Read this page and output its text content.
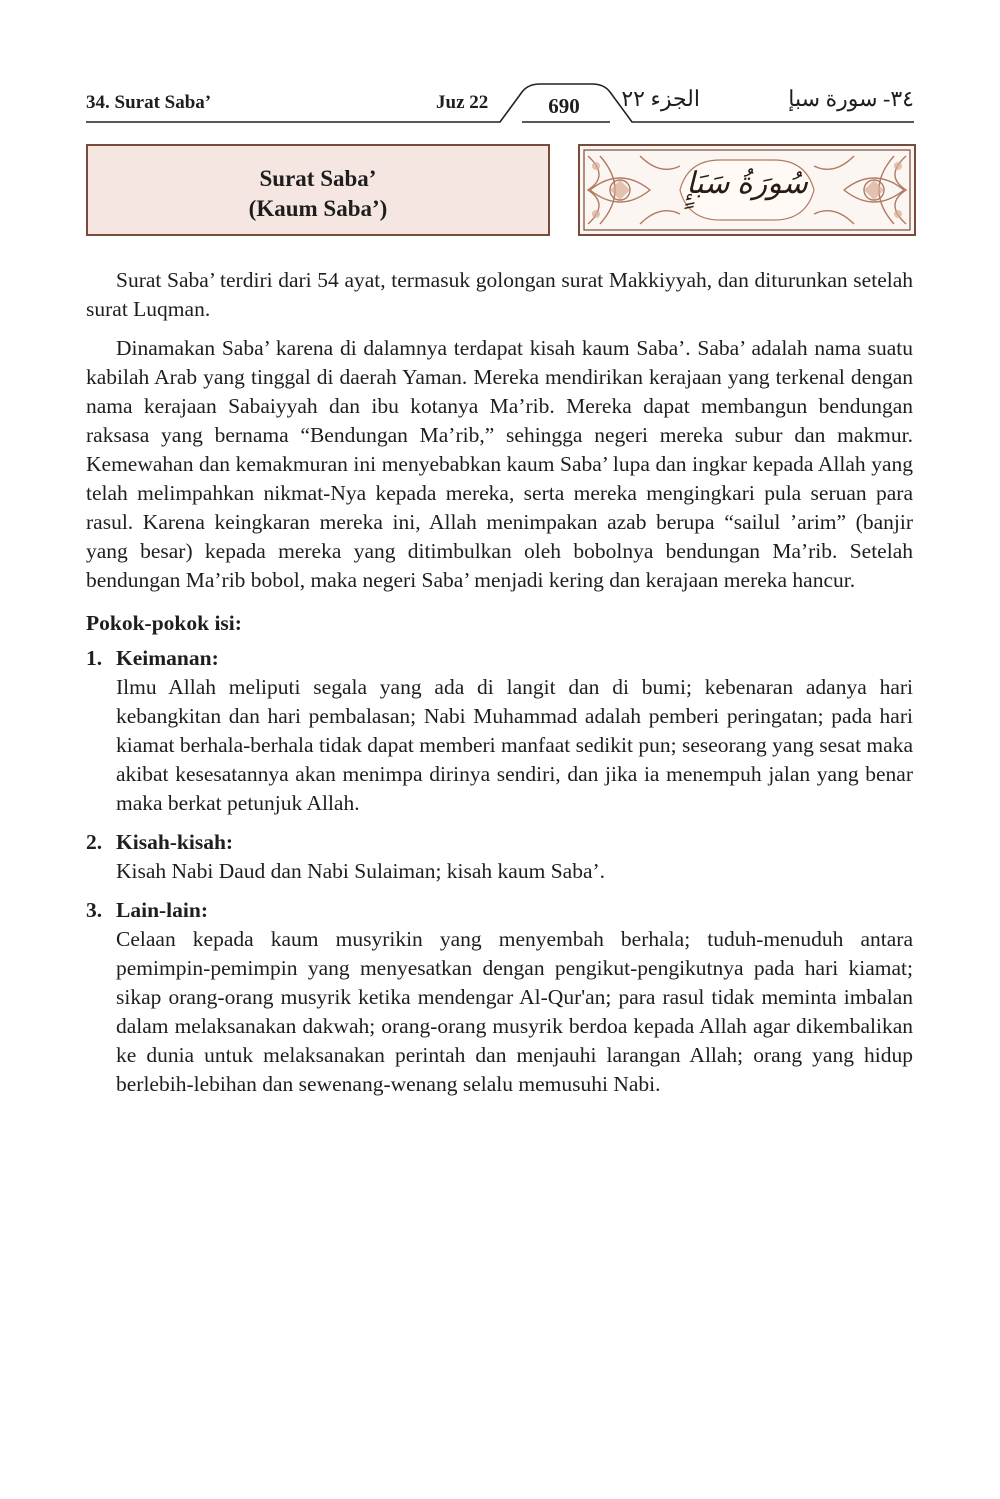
34. Surat Saba’	Juz 22	690	الجزء ٢٢	٣٤- سورة سبإ
Surat Saba’
(Kaum Saba’)
سُورَةُ سَبَإٍ

Surat Saba’ terdiri dari 54 ayat, termasuk golongan surat Makkiyyah, dan diturunkan setelah surat Luqman.

Dinamakan Saba’ karena di dalamnya terdapat kisah kaum Saba’. Saba’ adalah nama suatu kabilah Arab yang tinggal di daerah Yaman. Mereka mendirikan kerajaan yang terkenal dengan nama kerajaan Sabaiyyah dan ibu kotanya Ma’rib. Mereka dapat membangun bendungan raksasa yang bernama “Bendungan Ma’rib,” sehingga negeri mereka subur dan makmur. Kemewahan dan kemakmuran ini menyebabkan kaum Saba’ lupa dan ingkar kepada Allah yang telah melimpahkan nikmat-Nya kepada mereka, serta mereka mengingkari pula seruan para rasul. Karena keingkaran mereka ini, Allah menimpakan azab berupa “sailul ’arim” (banjir yang besar) kepada mereka yang ditimbulkan oleh bobolnya bendungan Ma’rib. Setelah bendungan Ma’rib bobol, maka negeri Saba’ menjadi kering dan kerajaan mereka hancur.

Pokok-pokok isi:
1. Keimanan:
Ilmu Allah meliputi segala yang ada di langit dan di bumi; kebenaran adanya hari kebangkitan dan hari pembalasan; Nabi Muhammad adalah pemberi peringatan; pada hari kiamat berhala-berhala tidak dapat memberi manfaat sedikit pun; seseorang yang sesat maka akibat kesesatannya akan menimpa dirinya sendiri, dan jika ia menempuh jalan yang benar maka berkat petunjuk Allah.
2. Kisah-kisah:
Kisah Nabi Daud dan Nabi Sulaiman; kisah kaum Saba’.
3. Lain-lain:
Celaan kepada kaum musyrikin yang menyembah berhala; tuduh-menuduh antara pemimpin-pemimpin yang menyesatkan dengan pengikut-pengikutnya pada hari kiamat; sikap orang-orang musyrik ketika mendengar Al-Qur'an; para rasul tidak meminta imbalan dalam melaksanakan dakwah; orang-orang musyrik berdoa kepada Allah agar dikembalikan ke dunia untuk melaksanakan perintah dan menjauhi larangan Allah; orang yang hidup berlebih-lebihan dan sewenang-wenang selalu memusuhi Nabi.
